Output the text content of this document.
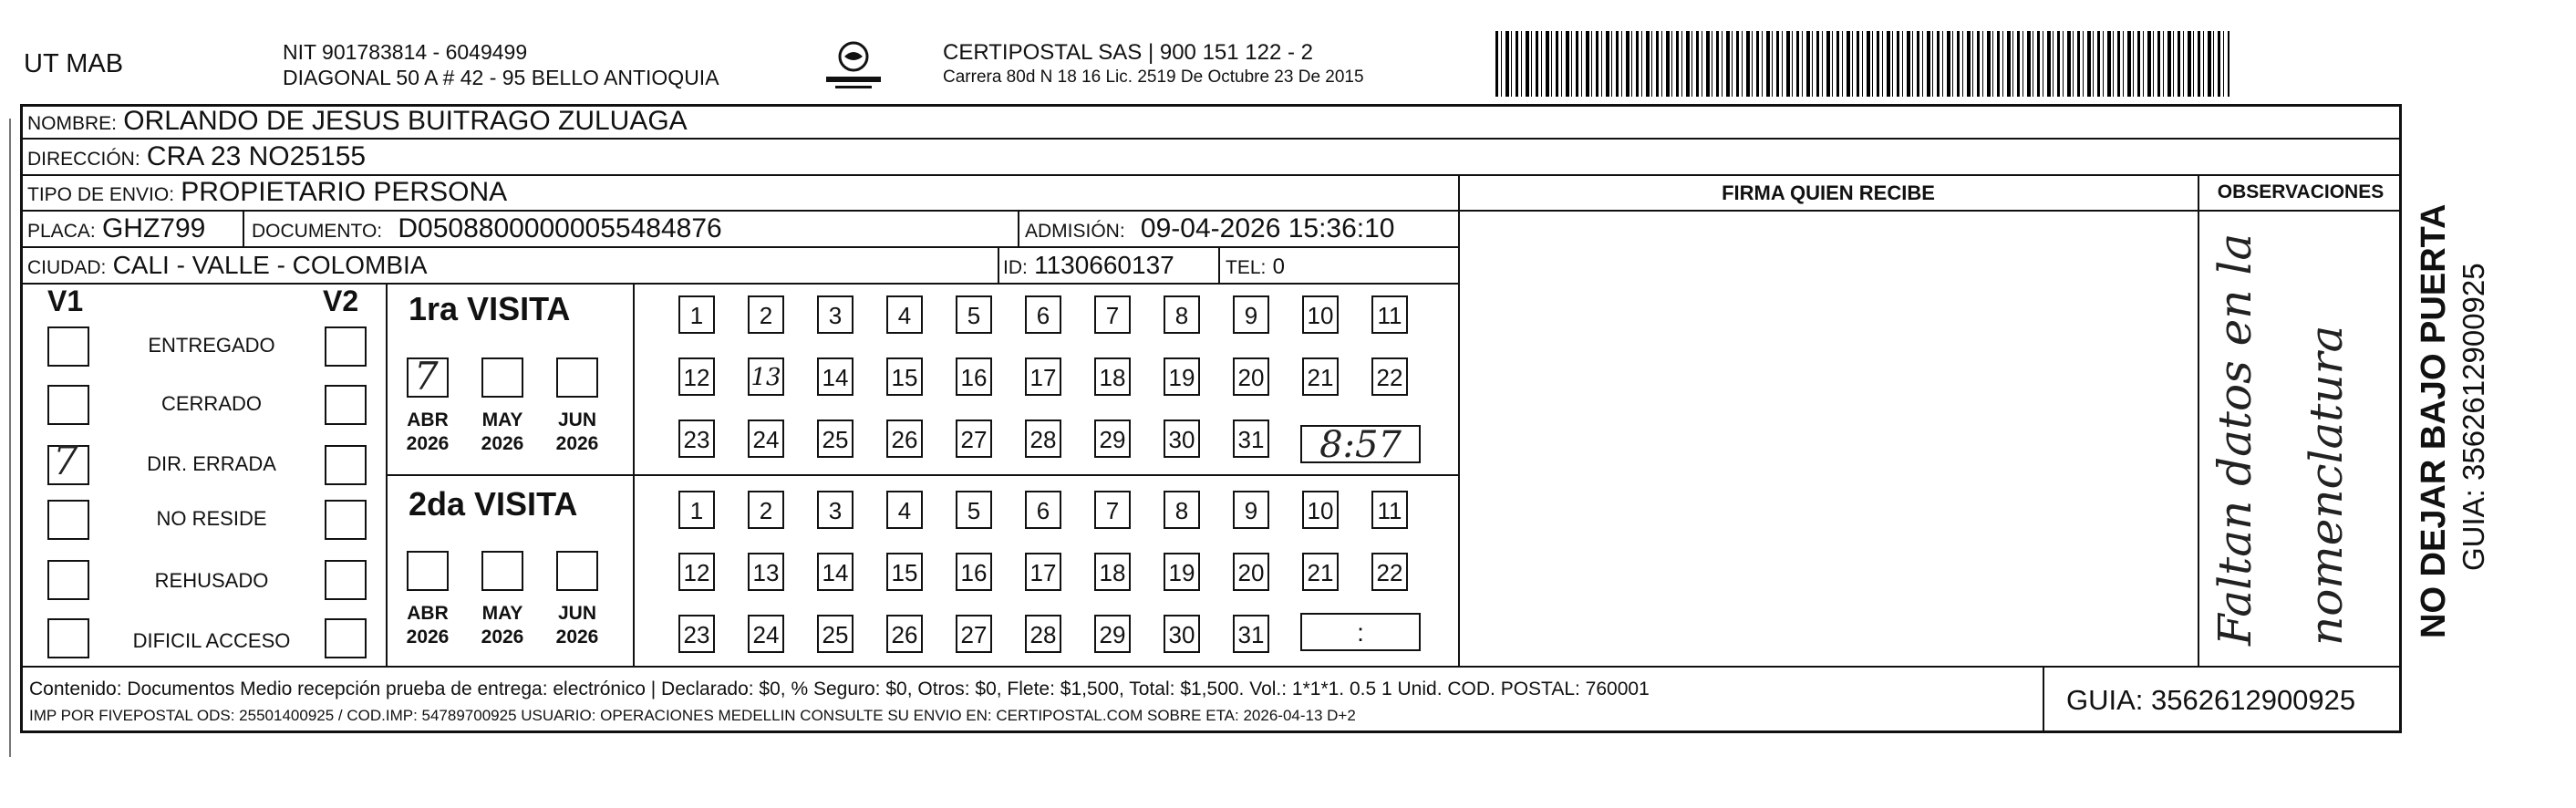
UT MAB	NIT 901783814 - 6049499
DIAGONAL 50 A # 42 - 95 BELLO ANTIOQUIA
CERTIPOSTAL SAS | 900 151 122 - 2
Carrera 80d N 18 16 Lic. 2519 De Octubre 23 De 2015
NOMBRE: ORLANDO DE JESUS BUITRAGO ZULUAGA
DIRECCIÓN: CRA 23 NO25155
TIPO DE ENVIO: PROPIETARIO PERSONA
PLACA: GHZ799 DOCUMENTO: D05088000000055484876	ADMISIÓN: 09-04-2026 15:36:10
CIUDAD: CALI - VALLE - COLOMBIA	ID: 1130660137	TEL: 0
FIRMA QUIEN RECIBE	OBSERVACIONES
Faltan datos en la nomenclatura
V1	V2
ENTREGADO
CERRADO
7	DIR. ERRADA
NO RESIDE
REHUSADO
DIFICIL ACCESO
1ra VISITA
7
ABR
2026
MAY
2026
JUN
2026
1	2	3	4	5	6	7	8	9	10 11
12 13 14 15 16 17 18 19 20 21 22
23 24 25 26 27 28 29 30 31	8:57
2da VISITA
ABR
2026
MAY
2026
JUN
2026
1	2	3	4	5	6	7	8	9	10 11
12 13 14 15 16 17 18 19 20 21 22
23 24 25 26 27 28 29 30 31	:
Contenido: Documentos Medio recepción prueba de entrega: electrónico | Declarado: $0, % Seguro: $0, Otros: $0, Flete: $1,500, Total: $1,500. Vol.: 1*1*1. 0.5 1 Unid. COD. POSTAL: 760001
IMP POR FIVEPOSTAL ODS: 25501400925 / COD.IMP: 54789700925 USUARIO: OPERACIONES MEDELLIN CONSULTE SU ENVIO EN: CERTIPOSTAL.COM SOBRE ETA: 2026-04-13 D+2	GUIA: 3562612900925
NO DEJAR BAJO PUERTA GUIA: 3562612900925
